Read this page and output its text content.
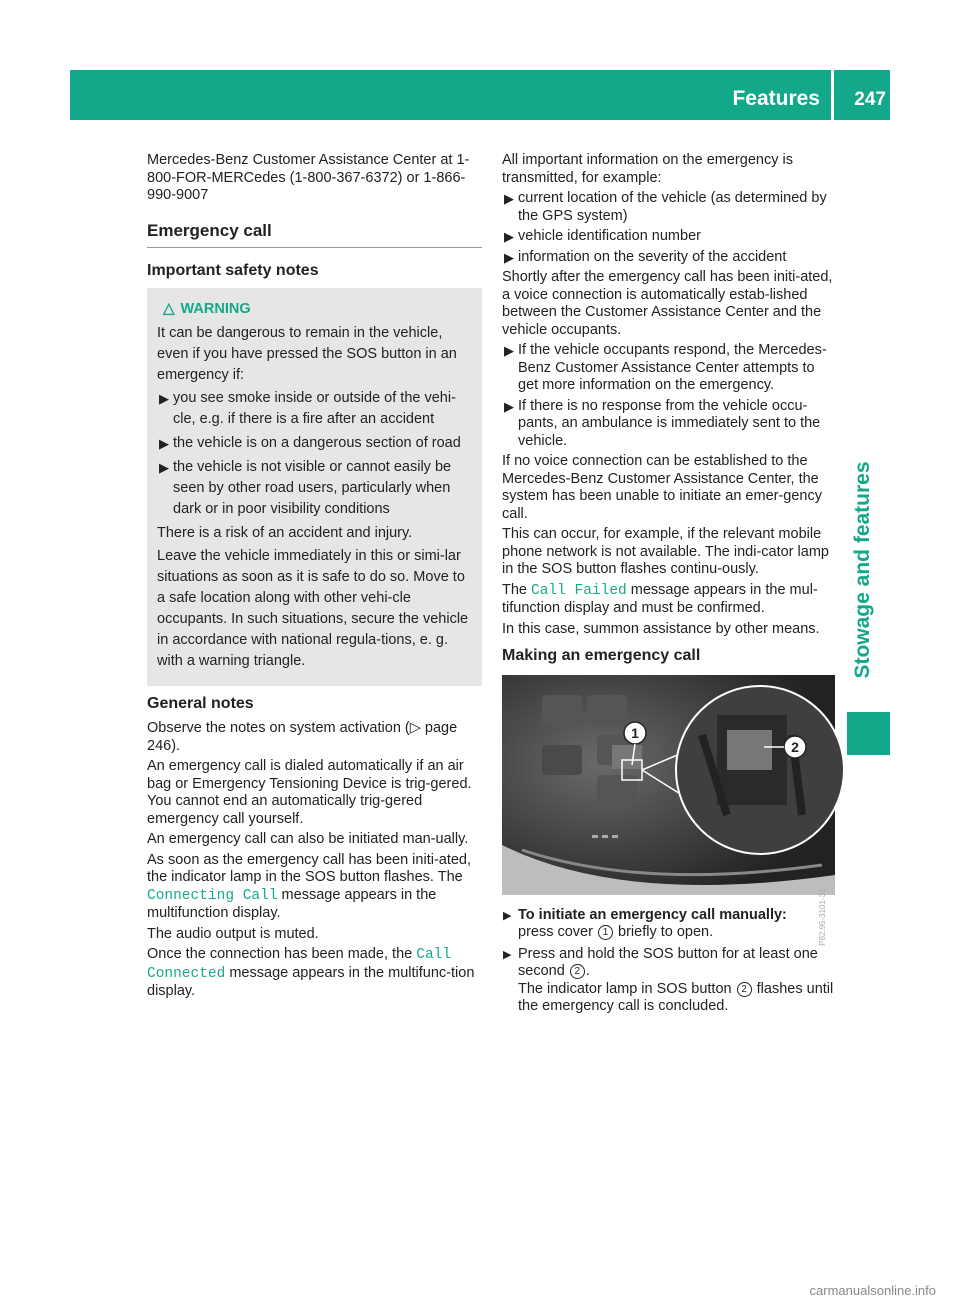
Features 247
Stowage and features

Mercedes-Benz Customer Assistance Center at 1-800-FOR-MERCedes (1-800-367-6372) or 1-866-990-9007

Emergency call
Important safety notes
△ WARNING

It can be dangerous to remain in the vehicle, even if you have pressed the SOS button in an emergency if:

▶ you see smoke inside or outside of the vehi-cle, e.g. if there is a fire after an accident
▶ the vehicle is on a dangerous section of road
▶ the vehicle is not visible or cannot easily be seen by other road users, particularly when dark or in poor visibility conditions

There is a risk of an accident and injury.

Leave the vehicle immediately in this or simi-lar situations as soon as it is safe to do so. Move to a safe location along with other vehi-cle occupants. In such situations, secure the vehicle in accordance with national regula-tions, e. g. with a warning triangle.

General notes

Observe the notes on system activation (▷ page 246).

An emergency call is dialed automatically if an air bag or Emergency Tensioning Device is trig-gered. You cannot end an automatically trig-gered emergency call yourself.

An emergency call can also be initiated man-ually.

As soon as the emergency call has been initi-ated, the indicator lamp in the SOS button flashes. The Connecting Call message appears in the multifunction display.

The audio output is muted.

Once the connection has been made, the Call Connected message appears in the multifunc-tion display.

All important information on the emergency is transmitted, for example:

▶ current location of the vehicle (as determined by the GPS system)
▶ vehicle identification number
▶ information on the severity of the accident

Shortly after the emergency call has been initi-ated, a voice connection is automatically estab-lished between the Customer Assistance Center and the vehicle occupants.

▶ If the vehicle occupants respond, the Mercedes-Benz Customer Assistance Center attempts to get more information on the emergency.
▶ If there is no response from the vehicle occu-pants, an ambulance is immediately sent to the vehicle.

If no voice connection can be established to the Mercedes-Benz Customer Assistance Center, the system has been unable to initiate an emer-gency call.

This can occur, for example, if the relevant mobile phone network is not available. The indi-cator lamp in the SOS button flashes continu-ously.

The Call Failed message appears in the mul-tifunction display and must be confirmed.

In this case, summon assistance by other means.

Making an emergency call
1
2
P82.95-3101-31
▶ To initiate an emergency call manually:
press cover 1 briefly to open.
▶ Press and hold the SOS button for at least one second 2 .
The indicator lamp in SOS button 2 flashes until the emergency call is concluded.
carmanualsonline.info
